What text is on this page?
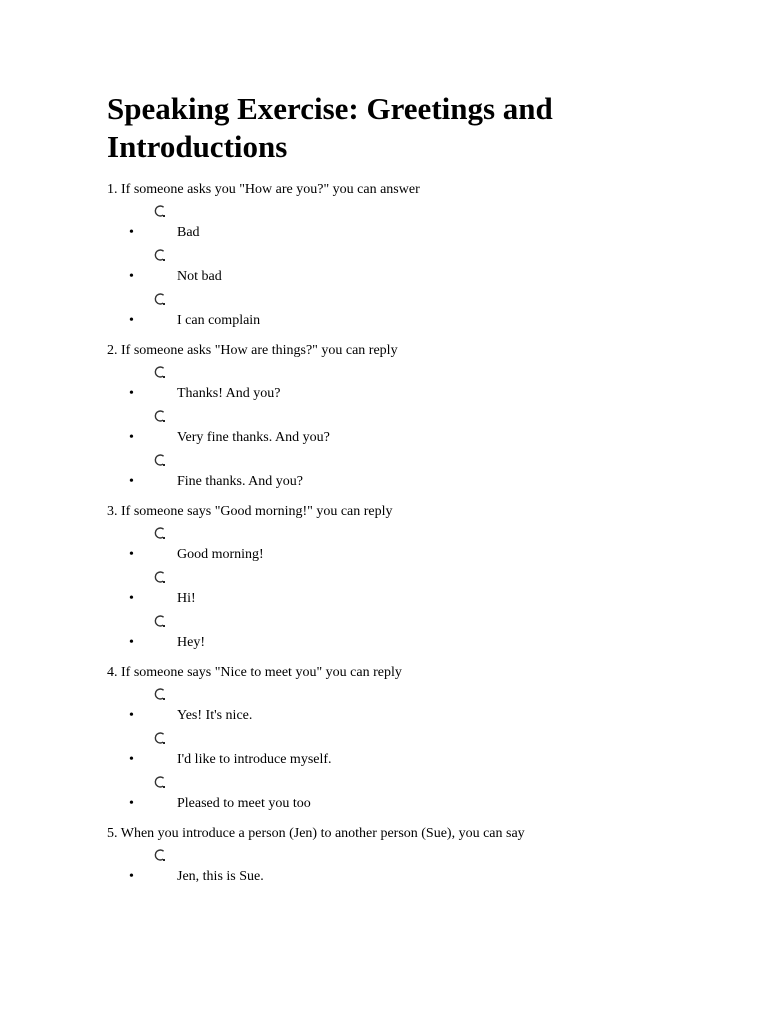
Speaking Exercise: Greetings and Introductions
1. If someone asks you "How are you?" you can answer
•	Bad
•	Not bad
•	I can complain
2. If someone asks "How are things?" you can reply
•	Thanks! And you?
•	Very fine thanks. And you?
•	Fine thanks. And you?
3. If someone says "Good morning!" you can reply
•	Good morning!
•	Hi!
•	Hey!
4. If someone says "Nice to meet you" you can reply
•	Yes! It's nice.
•	I'd like to introduce myself.
•	Pleased to meet you too
5. When you introduce a person (Jen) to another person (Sue), you can say
•	Jen, this is Sue.
